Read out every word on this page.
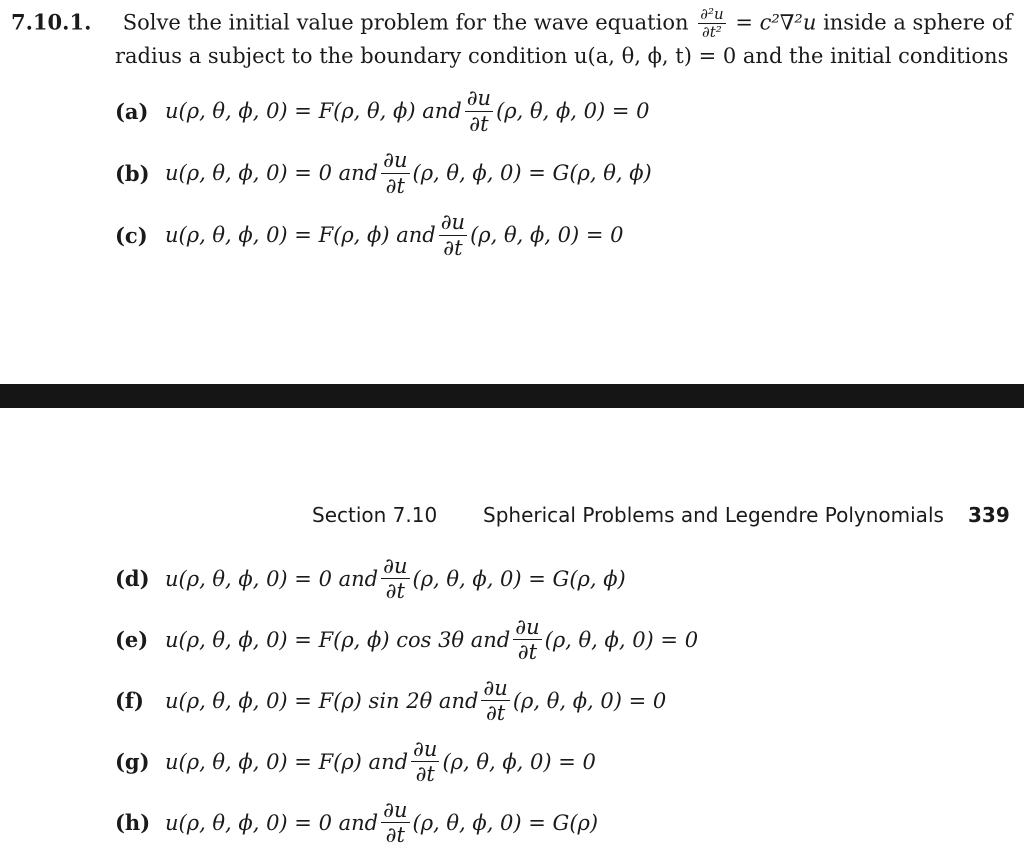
7.10.1. Solve the initial value problem for the wave equation $\frac{\text{∂²u}}{\text{∂t²}} = c^2\nabla^2u$ inside a sphere of
radius a subject to the boundary condition u(a, θ, ϕ, t) = 0 and the initial conditions
(a) u(ρ, θ, ϕ, 0) = F(ρ, θ, ϕ) and $\frac{\partial u}{\partial t} (\rho$, θ, ϕ, 0) = 0
(b) u(ρ, θ, ϕ, 0) = 0 and $\frac{\partial u}{\partial t} (\rho$, θ, ϕ, 0) = G(ρ, θ, ϕ)
(c) u(ρ, θ, ϕ, 0) = F(ρ, ϕ) and $\frac{\partial u}{\partial t} (\rho$, θ, ϕ, 0) = 0
Section 7.10 Spherical Problems and Legendre Polynomials 339
(d) u(ρ, θ, ϕ, 0) = 0 and $\frac{\partial u}{\partial t} (\rho$, θ, ϕ, 0) = G(ρ, ϕ)
(e) u(ρ, θ, ϕ, 0) = F(ρ, ϕ) cos 3θ and $\frac{\partial u}{\partial t} (\rho$, θ, ϕ, 0) = 0
(f)	u(ρ, θ, ϕ, 0) = F(ρ) sin 2θ and $\frac{\partial u}{\partial t} (\rho$, θ, ϕ, 0) = 0
(g) u(ρ, θ, ϕ, 0) = F(ρ) and $\frac{\partial u}{\partial t} (\rho$, θ, ϕ, 0) = 0
(h) u(ρ, θ, ϕ, 0) = 0 and $\frac{\partial u}{\partial t} (\rho$, θ, ϕ, 0) = G(ρ)
